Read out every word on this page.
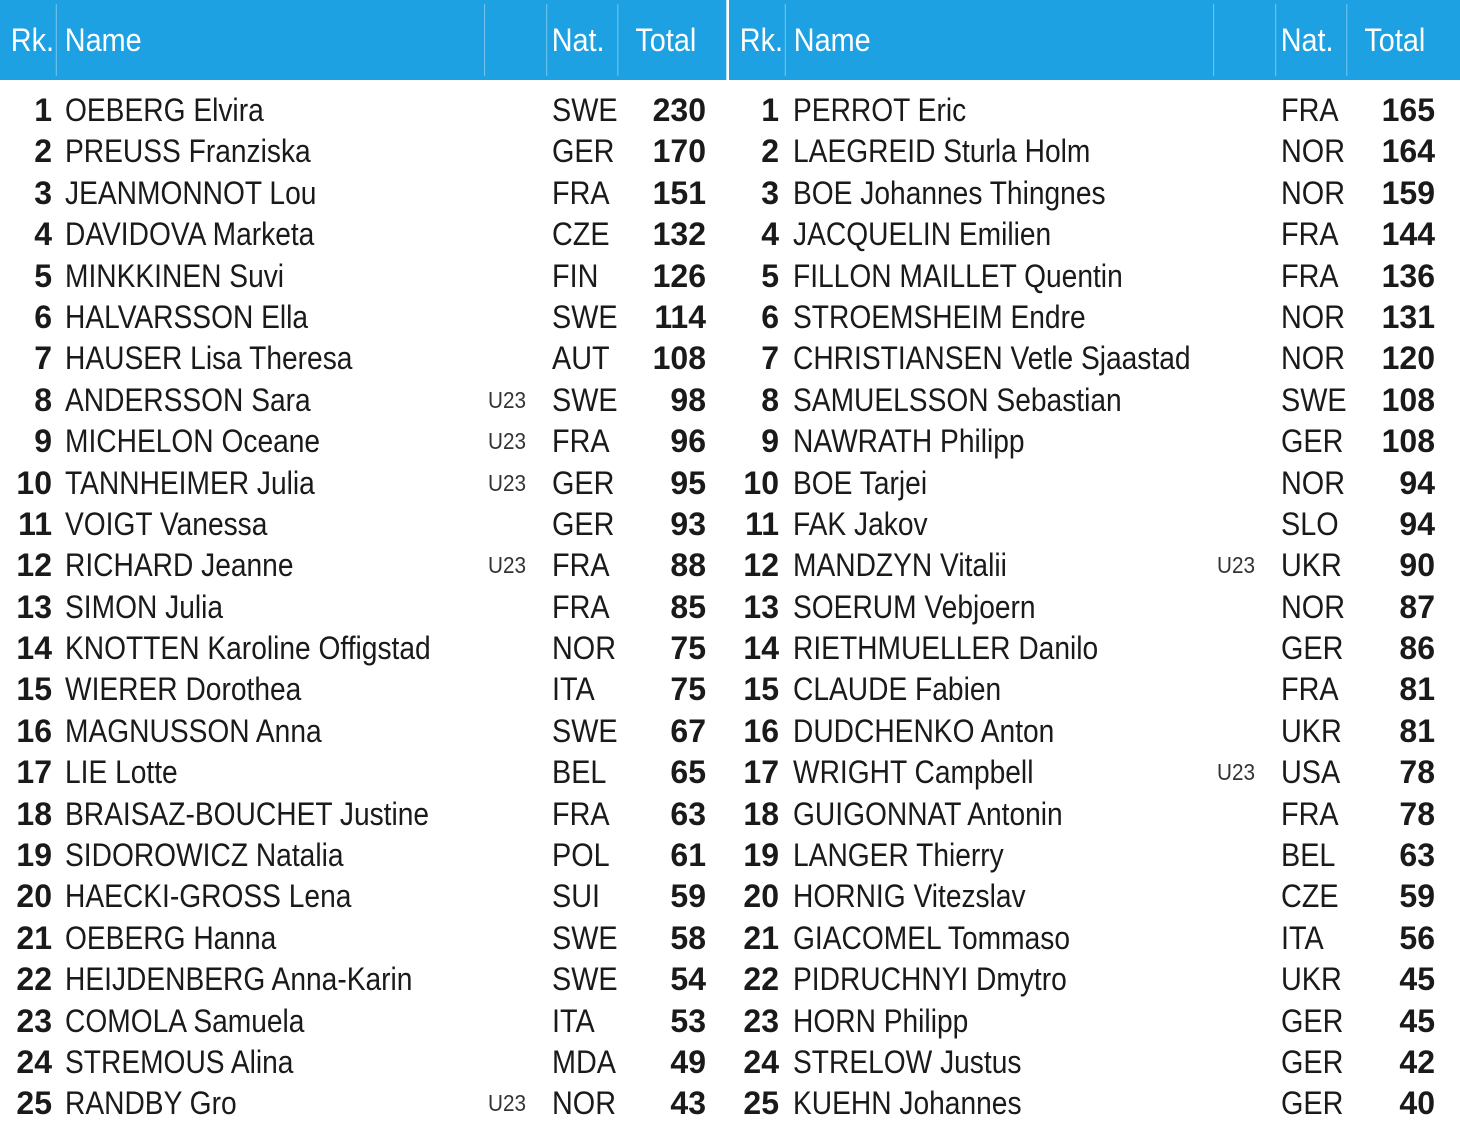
Rk. Name	Nat. Total
1 OEBERG Elvira	SWE	230
2 PREUSS Franziska	GER	170
3 JEANMONNOT Lou	FRA	151
4 DAVIDOVA Marketa	CZE	132
5 MINKKINEN Suvi	FIN	126
6 HALVARSSON Ella	SWE	114
7 HAUSER Lisa Theresa	AUT	108
8 ANDERSSON Sara	U23 SWE	98
9 MICHELON Oceane	U23 FRA	96
10 TANNHEIMER Julia	U23 GER	95
11 VOIGT Vanessa	GER	93
12 RICHARD Jeanne	U23 FRA	88
13 SIMON Julia	FRA	85
14 KNOTTEN Karoline Offigstad	NOR	75
15 WIERER Dorothea	ITA	75
16 MAGNUSSON Anna	SWE	67
17 LIE Lotte	BEL	65
18 BRAISAZ-BOUCHET Justine	FRA	63
19 SIDOROWICZ Natalia	POL	61
20 HAECKI-GROSS Lena	SUI	59
21 OEBERG Hanna	SWE	58
22 HEIJDENBERG Anna-Karin	SWE	54
23 COMOLA Samuela	ITA	53
24 STREMOUS Alina	MDA	49
25 RANDBY Gro	U23 NOR	43
Rk. Name	Nat. Total
1 PERROT Eric	FRA	165
2 LAEGREID Sturla Holm	NOR	164
3 BOE Johannes Thingnes	NOR	159
4 JACQUELIN Emilien	FRA	144
5 FILLON MAILLET Quentin	FRA	136
6 STROEMSHEIM Endre	NOR	131
7 CHRISTIANSEN Vetle Sjaastad	NOR	120
8 SAMUELSSON Sebastian	SWE	108
9 NAWRATH Philipp	GER	108
10 BOE Tarjei	NOR	94
11 FAK Jakov	SLO	94
12 MANDZYN Vitalii	U23 UKR	90
13 SOERUM Vebjoern	NOR	87
14 RIETHMUELLER Danilo	GER	86
15 CLAUDE Fabien	FRA	81
16 DUDCHENKO Anton	UKR	81
17 WRIGHT Campbell	U23 USA	78
18 GUIGONNAT Antonin	FRA	78
19 LANGER Thierry	BEL	63
20 HORNIG Vitezslav	CZE	59
21 GIACOMEL Tommaso	ITA	56
22 PIDRUCHNYI Dmytro	UKR	45
23 HORN Philipp	GER	45
24 STRELOW Justus	GER	42
25 KUEHN Johannes	GER	40
